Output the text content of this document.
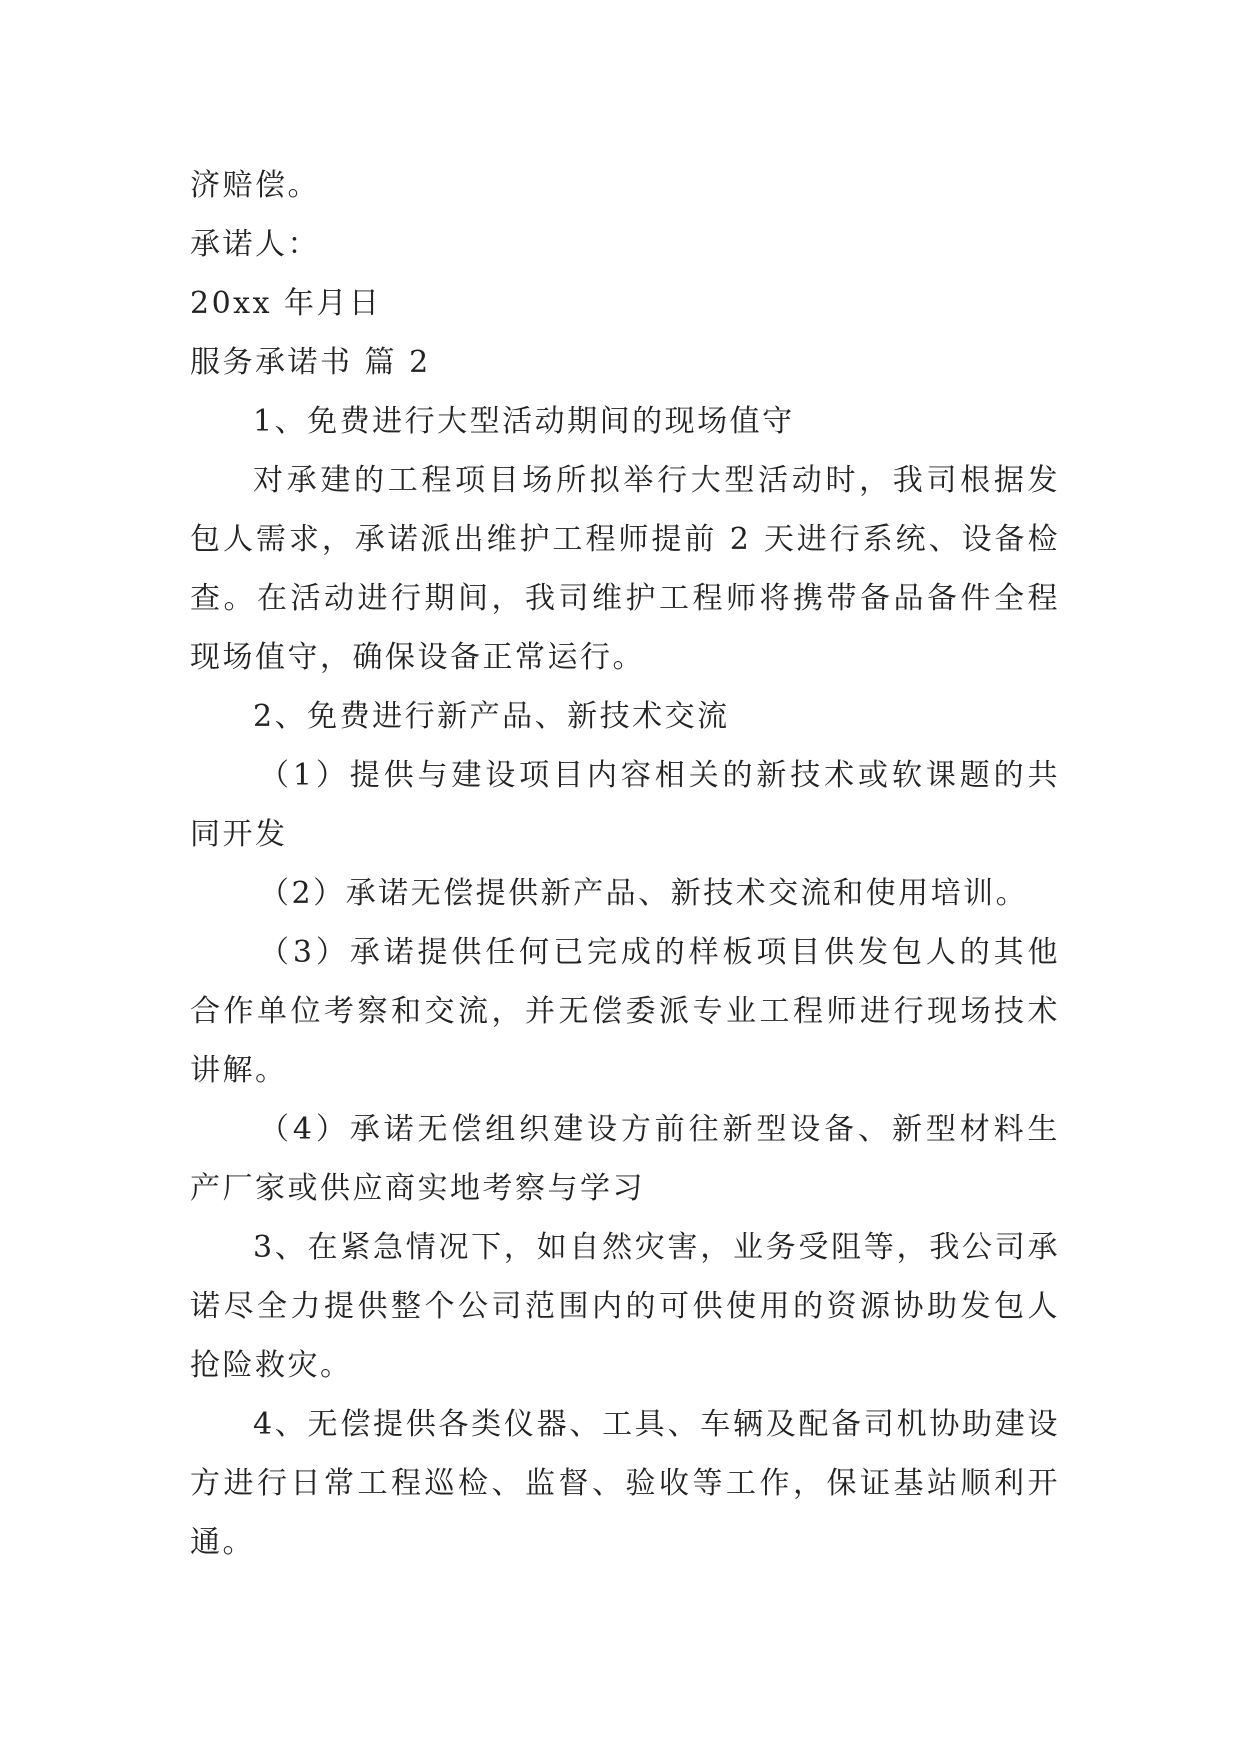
济赔偿。

承诺人：

20xx 年月日

服务承诺书 篇 2

1、免费进行大型活动期间的现场值守

对承建的工程项目场所拟举行大型活动时，我司根据发包人需求，承诺派出维护工程师提前 2 天进行系统、设备检查。在活动进行期间，我司维护工程师将携带备品备件全程现场值守，确保设备正常运行。

2、免费进行新产品、新技术交流

（1）提供与建设项目内容相关的新技术或软课题的共同开发

（2）承诺无偿提供新产品、新技术交流和使用培训。

（3）承诺提供任何已完成的样板项目供发包人的其他合作单位考察和交流，并无偿委派专业工程师进行现场技术讲解。

（4）承诺无偿组织建设方前往新型设备、新型材料生产厂家或供应商实地考察与学习

3、在紧急情况下，如自然灾害，业务受阻等，我公司承诺尽全力提供整个公司范围内的可供使用的资源协助发包人抢险救灾。

4、无偿提供各类仪器、工具、车辆及配备司机协助建设方进行日常工程巡检、监督、验收等工作，保证基站顺利开通。
